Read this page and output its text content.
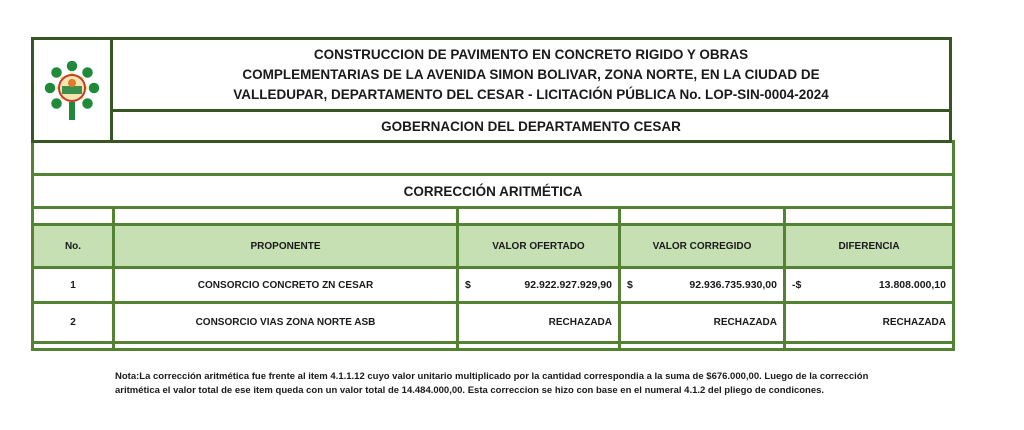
CONSTRUCCION DE PAVIMENTO EN CONCRETO RIGIDO Y OBRAS
COMPLEMENTARIAS DE LA AVENIDA SIMON BOLIVAR, ZONA NORTE, EN LA CIUDAD DE
VALLEDUPAR, DEPARTAMENTO DEL CESAR - LICITACIÓN PÚBLICA No. LOP-SIN-0004-2024
GOBERNACION DEL DEPARTAMENTO CESAR

CORRECCIÓN ARITMÉTICA				

No.	PROPONENTE	VALOR OFERTADO	VALOR CORREGIDO	DIFERENCIA
1	CONSORCIO CONCRETO ZN CESAR	$ 92.922.927.929,90	$ 92.936.735.930,00	-$ 13.808.000,10

2	CONSORCIO VIAS ZONA NORTE ASB	RECHAZADA	RECHAZADA	RECHAZADA

Nota:La corrección aritmética fue frente al item 4.1.1.12 cuyo valor unitario multiplicado por la cantidad correspondia a la suma de $676.000,00. Luego de la corrección
aritmética el valor total de ese item queda con un valor total de 14.484.000,00. Esta correccion se hizo con base en el numeral 4.1.2 del pliego de condicones.
